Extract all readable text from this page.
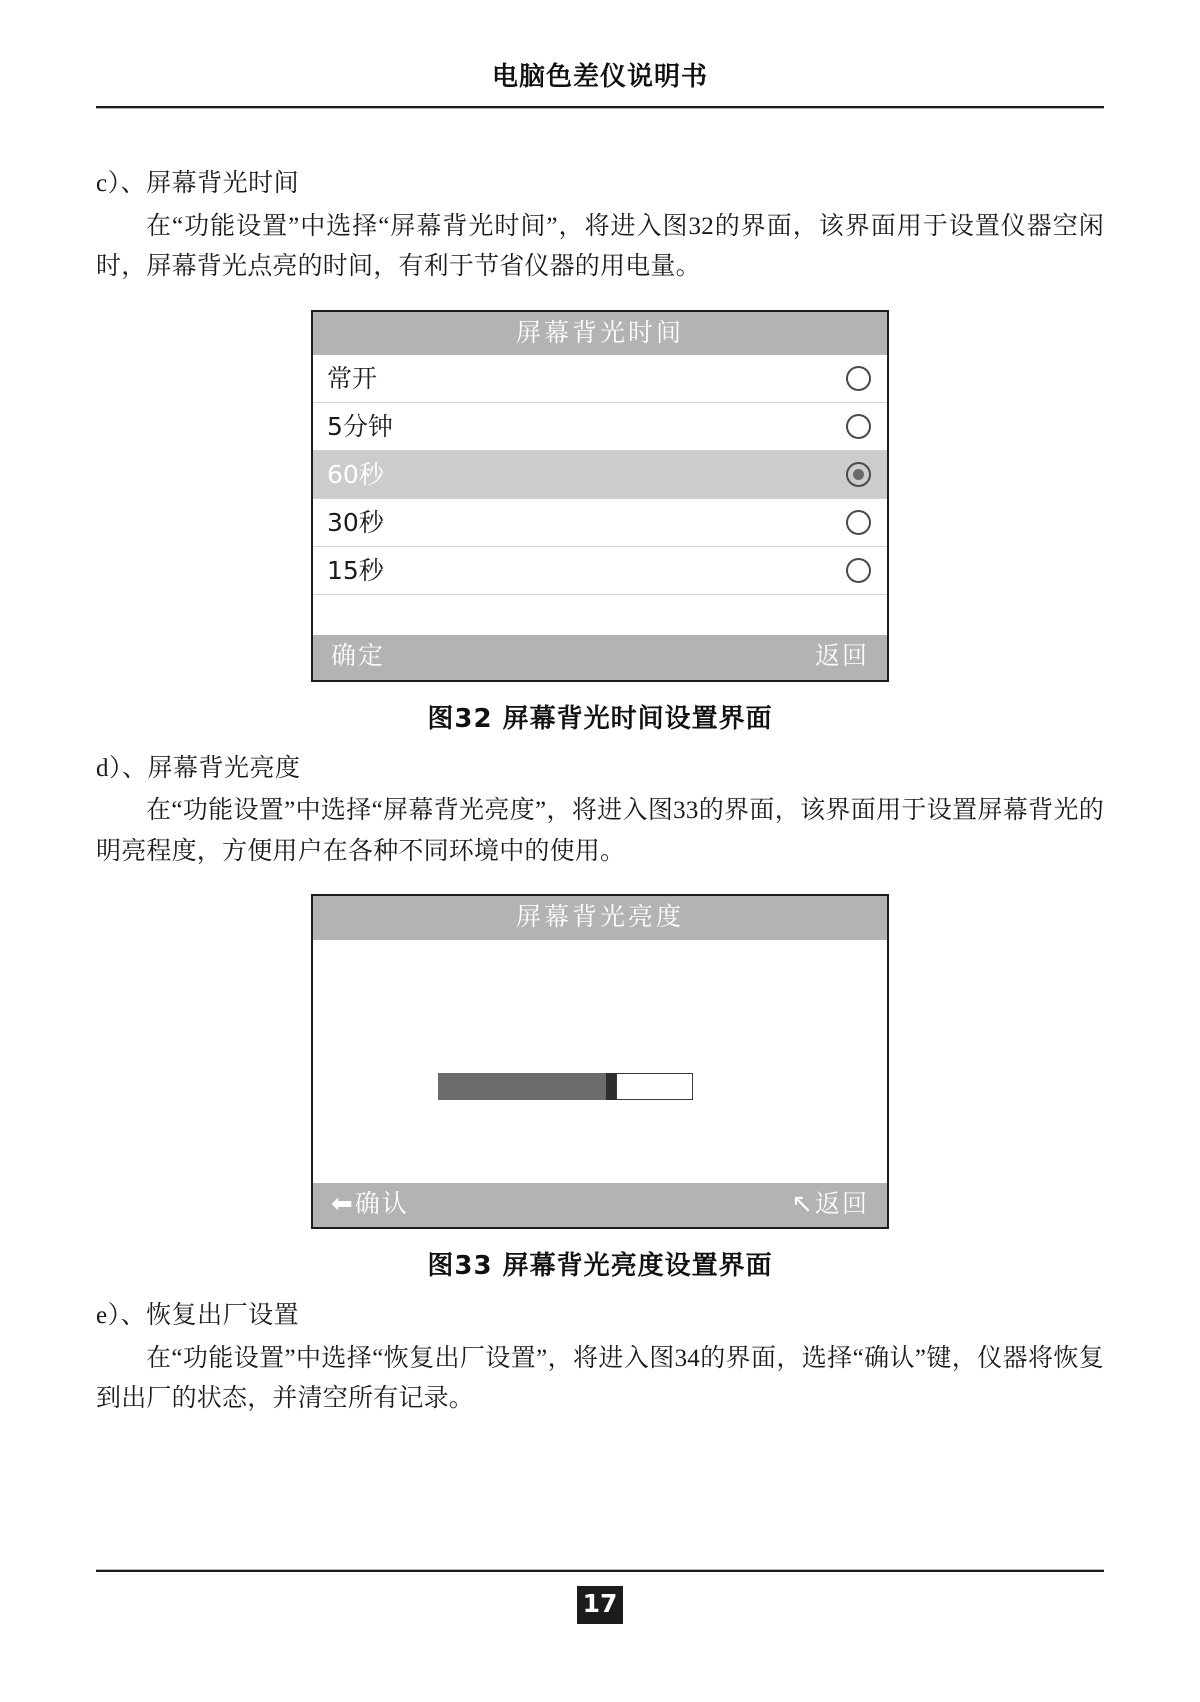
电脑色差仪说明书

c）、屏幕背光时间

在“功能设置”中选择“屏幕背光时间”，将进入图32的界面，该界面用于设置仪器空闲时，屏幕背光点亮的时间，有利于节省仪器的用电量。

屏幕背光时间
常开
5分钟
60秒
30秒
15秒
确定	返回
图32 屏幕背光时间设置界面

d）、屏幕背光亮度

在“功能设置”中选择“屏幕背光亮度”，将进入图33的界面，该界面用于设置屏幕背光的明亮程度，方便用户在各种不同环境中的使用。

屏幕背光亮度
⬅ 确认	↖ 返回
图33 屏幕背光亮度设置界面

e）、恢复出厂设置

在“功能设置”中选择“恢复出厂设置”，将进入图34的界面，选择“确认”键，仪器将恢复到出厂的状态，并清空所有记录。

17
